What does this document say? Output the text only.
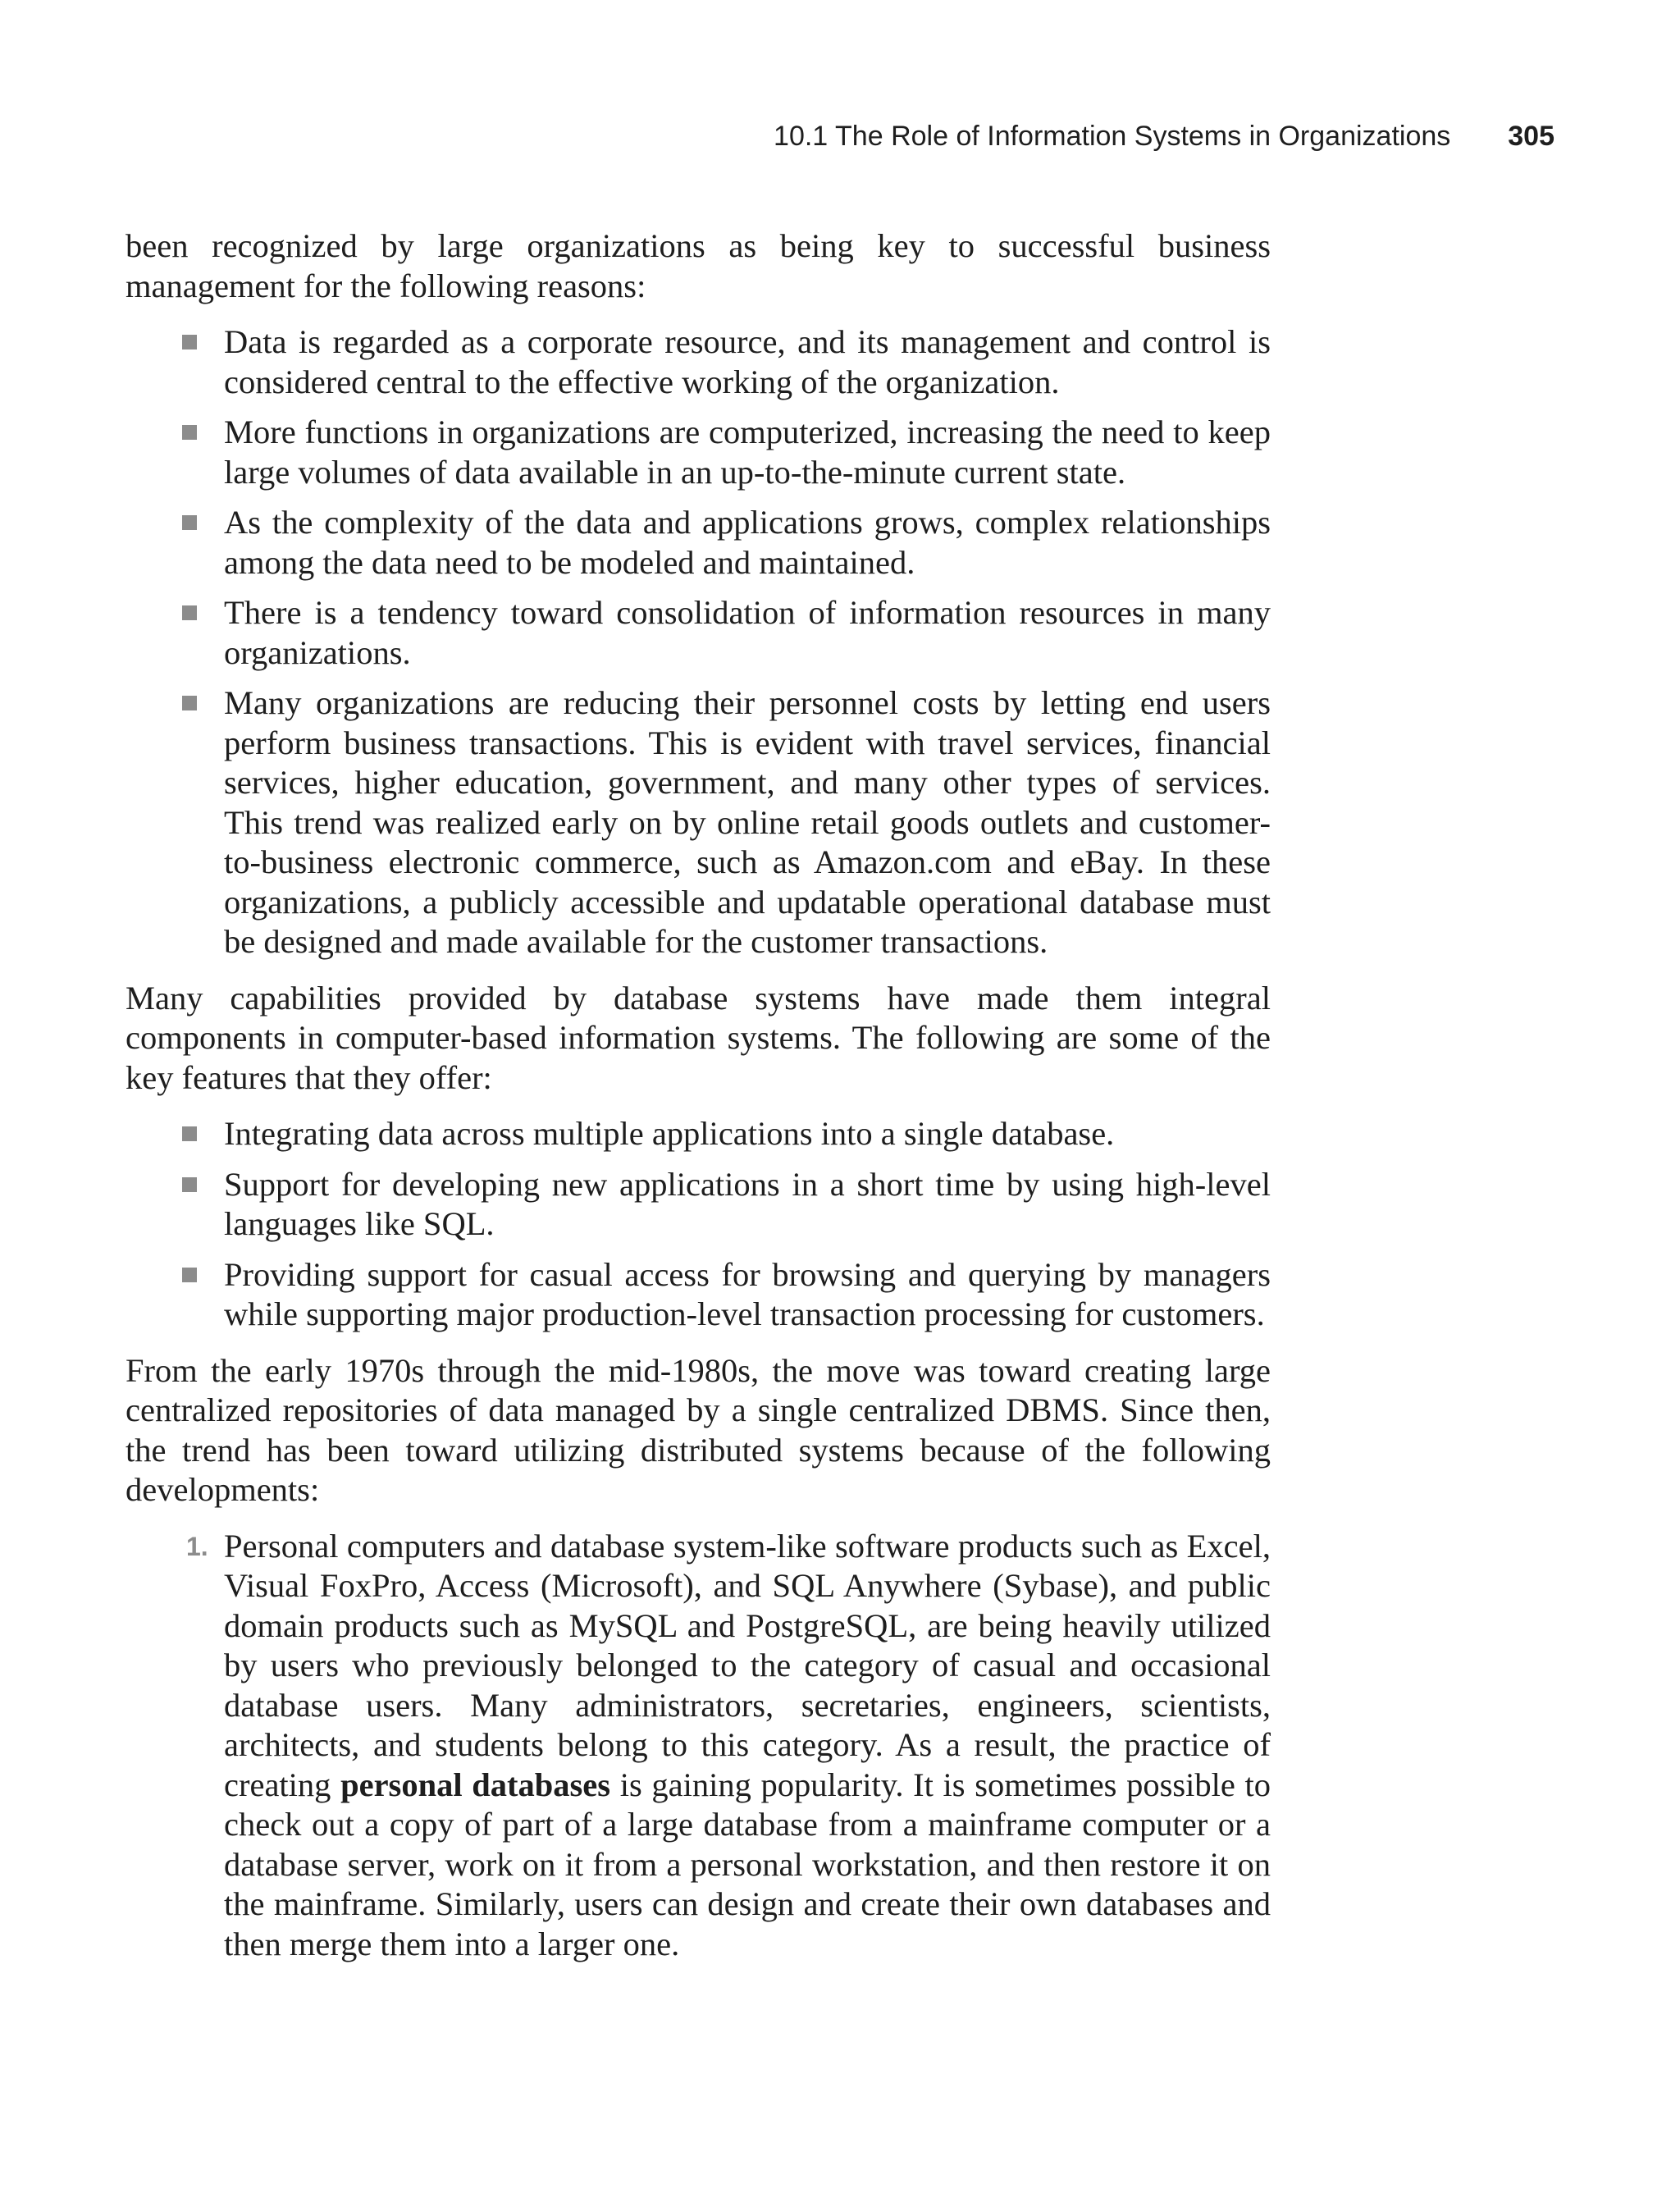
10.1 The Role of Information Systems in Organizations 305

been recognized by large organizations as being key to successful business management for the following reasons:

Data is regarded as a corporate resource, and its management and control is considered central to the effective working of the organization.
More functions in organizations are computerized, increasing the need to keep large volumes of data available in an up-to-the-minute current state.
As the complexity of the data and applications grows, complex relationships among the data need to be modeled and maintained.
There is a tendency toward consolidation of information resources in many organizations.
Many organizations are reducing their personnel costs by letting end users perform business transactions. This is evident with travel services, financial services, higher education, government, and many other types of services. This trend was realized early on by online retail goods outlets and customer-to-business electronic commerce, such as Amazon.com and eBay. In these organizations, a publicly accessible and updatable operational database must be designed and made available for the customer transactions.

Many capabilities provided by database systems have made them integral components in computer-based information systems. The following are some of the key features that they offer:

Integrating data across multiple applications into a single database.
Support for developing new applications in a short time by using high-level languages like SQL.
Providing support for casual access for browsing and querying by managers while supporting major production-level transaction processing for customers.

From the early 1970s through the mid-1980s, the move was toward creating large centralized repositories of data managed by a single centralized DBMS. Since then, the trend has been toward utilizing distributed systems because of the following developments:

1. Personal computers and database system-like software products such as Excel, Visual FoxPro, Access (Microsoft), and SQL Anywhere (Sybase), and public domain products such as MySQL and PostgreSQL, are being heavily utilized by users who previously belonged to the category of casual and occasional database users. Many administrators, secretaries, engineers, scientists, architects, and students belong to this category. As a result, the practice of creating personal databases is gaining popularity. It is sometimes possible to check out a copy of part of a large database from a mainframe computer or a database server, work on it from a personal workstation, and then restore it on the mainframe. Similarly, users can design and create their own databases and then merge them into a larger one.
